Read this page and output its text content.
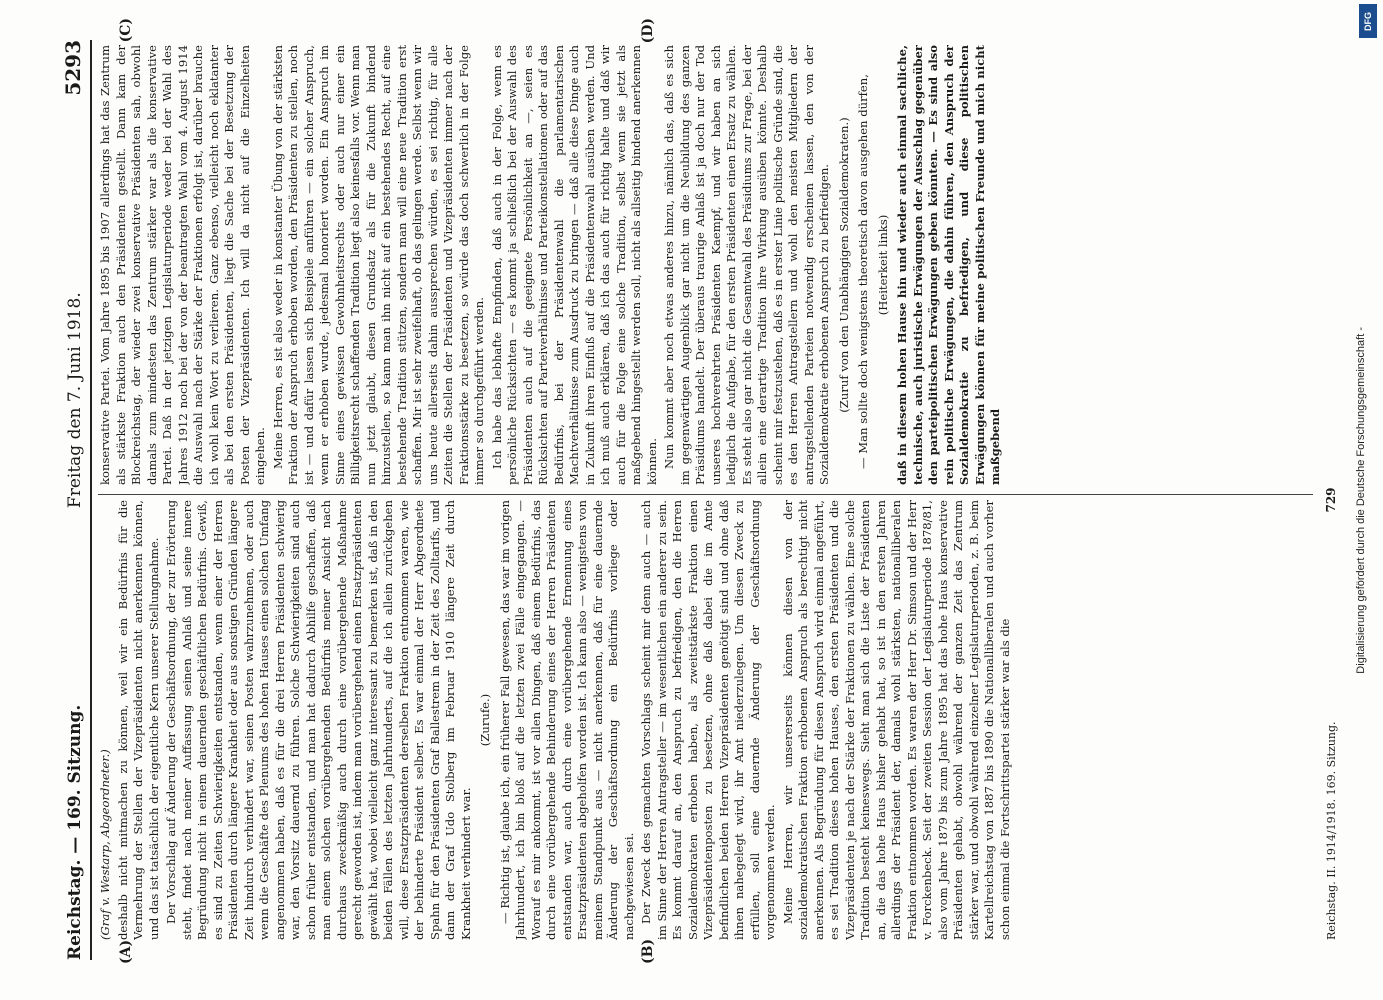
Reichstag. — 169. Sitzung.
Freitag den 7. Juni 1918.
5293
(A)	(B)
(C)	(D)

(Graf v. Westarp, Abgeordneter.) deshalb nicht mitmachen zu können, weil wir ein Bedürfnis für die Vermehrung der Stellen der Vizepräsidenten nicht anerkennen können, und das ist tatsächlich der eigentliche Kern unserer Stellungnahme. Der Vorschlag auf Änderung der Geschäftsordnung, der zur Erörterung steht, findet nach meiner Auffassung seinen Anlaß und seine innere Begründung nicht in einem dauernden geschäftlichen Bedürfnis. Gewiß, es sind zu Zeiten Schwierigkeiten entstanden, wenn einer der Herren Präsidenten durch längere Krankheit oder aus sonstigen Gründen längere Zeit hindurch verhindert war, seinen Posten wahrzunehmen, oder auch wenn die Geschäfte des Plenums des hohen Hauses einen solchen Umfang angenommen haben, daß es für die drei Herren Präsidenten schwierig war, den Vorsitz dauernd zu führen. Solche Schwierigkeiten sind auch schon früher entstanden, und man hat dadurch Abhilfe geschaffen, daß man einem solchen vorübergehenden Bedürfnis meiner Ansicht nach durchaus zweckmäßig auch durch eine vorübergehende Maßnahme gerecht geworden ist, indem man vorübergehend einen Ersatzpräsidenten gewählt hat, wobei vielleicht ganz interessant zu bemerken ist, daß in den beiden Fällen des letzten Jahrhunderts, auf die ich allein zurückgehen will, diese Ersatzpräsidenten derselben Fraktion entnommen waren, wie der behinderte Präsident selber. Es war einmal der Herr Abgeordnete Spahn für den Präsidenten Graf Ballestrem in der Zeit des Zolltarifs, und dann der Graf Udo Stolberg im Februar 1910 längere Zeit durch Krankheit verhindert war.

(Zurufe.) — Richtig ist, glaube ich, ein früherer Fall gewesen, das war im vorigen Jahrhundert, ich bin bloß auf die letzten zwei Fälle eingegangen. — Worauf es mir ankommt, ist vor allen Dingen, daß einem Bedürfnis, das durch eine vorübergehende Behinderung eines der Herren Präsidenten entstanden war, auch durch eine vorübergehende Ernennung eines Ersatzpräsidenten abgeholfen worden ist. Ich kann also — wenigstens von meinem Standpunkt aus — nicht anerkennen, daß für eine dauernde Änderung der Geschäftsordnung ein Bedürfnis vorliege oder nachgewiesen sei. Der Zweck des gemachten Vorschlags scheint mir denn auch — auch im Sinne der Herren Antragsteller — im wesentlichen ein anderer zu sein. Es kommt darauf an, den Anspruch zu befriedigen, den die Herren Sozialdemokraten erhoben haben, als zweitstärkste Fraktion einen Vizepräsidentenposten zu besetzen, ohne daß dabei die im Amte befindlichen beiden Herren Vizepräsidenten genötigt sind und ohne daß ihnen nahegelegt wird, ihr Amt niederzulegen. Um diesen Zweck zu erfüllen, soll eine dauernde Änderung der Geschäftsordnung vorgenommen werden. Meine Herren, wir unsererseits können diesen von der sozialdemokratischen Fraktion erhobenen Anspruch als berechtigt nicht anerkennen. Als Begründung für diesen Anspruch wird einmal angeführt, es sei Tradition dieses hohen Hauses, den ersten Präsidenten und die Vizepräsidenten je nach der Stärke der Fraktionen zu wählen. Eine solche Tradition besteht keineswegs. Sieht man sich die Liste der Präsidenten an, die das hohe Haus bisher gehabt hat, so ist in den ersten Jahren allerdings der Präsident der, damals wohl stärksten, nationalliberalen Fraktion entnommen worden. Es waren der Herr Dr. Simson und der Herr v. Forckenbeck. Seit der zweiten Session der Legislaturperiode 1878/81, also vom Jahre 1879 bis zum Jahre 1895 hat das hohe Haus konservative Präsidenten gehabt, obwohl während der ganzen Zeit das Zentrum stärker war, und obwohl während einzelner Legislaturperioden, z. B. beim Kartellreichstag von 1887 bis 1890 die Nationalliberalen und auch vorher schon einmal die Fortschrittspartei stärker war als die

konservative Partei. Vom Jahre 1895 bis 1907 allerdings hat das Zentrum als stärkste Fraktion auch den Präsidenten gestellt. Dann kam der Blockreichstag, der wieder zwei konservative Präsidenten sah, obwohl damals zum mindesten das Zentrum stärker war als die konservative Partei. Daß in der jetzigen Legislaturperiode weder bei der Wahl des Jahres 1912 noch bei der von der beantragten Wahl vom 4. August 1914 die Auswahl nach der Stärke der Fraktionen erfolgt ist, darüber brauche ich wohl kein Wort zu verlieren. Ganz ebenso, vielleicht noch eklatanter als bei den ersten Präsidenten, liegt die Sache bei der Besetzung der Posten der Vizepräsidenten. Ich will da nicht auf die Einzelheiten eingehen. Meine Herren, es ist also weder in konstanter Übung von der stärksten Fraktion der Anspruch erhoben worden, den Präsidenten zu stellen, noch ist — und dafür lassen sich Beispiele anführen — ein solcher Anspruch, wenn er erhoben wurde, jedesmal honoriert worden. Ein Anspruch im Sinne eines gewissen Gewohnheitsrechts oder auch nur einer ein Billigkeitsrecht schaffenden Tradition liegt also keinesfalls vor. Wenn man nun jetzt glaubt, diesen Grundsatz als für die Zukunft bindend hinzustellen, so kann man ihn nicht auf ein bestehendes Recht, auf eine bestehende Tradition stützen, sondern man will eine neue Tradition erst schaffen. Mir ist sehr zweifelhaft, ob das gelingen werde. Selbst wenn wir uns heute allerseits dahin aussprechen würden, es sei richtig, für alle Zeiten die Stellen der Präsidenten und Vizepräsidenten immer nach der Fraktionsstärke zu besetzen, so würde das doch schwerlich in der Folge immer so durchgeführt werden. Ich habe das lebhafte Empfinden, daß auch in der Folge, wenn es persönliche Rücksichten — es kommt ja schließlich bei der Auswahl des Präsidenten auch auf die geeignete Persönlichkeit an —, seien es Rücksichten auf Parteiverhältnisse und Parteikonstellationen oder auf das Bedürfnis, bei der Präsidentenwahl die parlamentarischen Machtverhältnisse zum Ausdruck zu bringen — daß alle diese Dinge auch in Zukunft ihren Einfluß auf die Präsidentenwahl ausüben werden. Und ich muß auch erklären, daß ich das auch für richtig halte und daß wir auch für die Folge eine solche Tradition, selbst wenn sie jetzt als maßgebend hingestellt werden soll, nicht als allseitig bindend anerkennen können. Nun kommt aber noch etwas anderes hinzu, nämlich das, daß es sich im gegenwärtigen Augenblick gar nicht um die Neubildung des ganzen Präsidiums handelt. Der überaus traurige Anlaß ist ja doch nur der Tod unseres hochverehrten Präsidenten Kaempf, und wir haben an sich lediglich die Aufgabe, für den ersten Präsidenten einen Ersatz zu wählen. Es steht also gar nicht die Gesamtwahl des Präsidiums zur Frage, bei der allein eine derartige Tradition ihre Wirkung ausüben könnte. Deshalb scheint mir festzustehen, daß es in erster Linie politische Gründe sind, die es den Herren Antragstellern und wohl den meisten Mitgliedern der antragstellenden Parteien notwendig erscheinen lassen, den von der Sozialdemokratie erhobenen Anspruch zu befriedigen. (Zuruf von den Unabhängigen Sozialdemokraten.) — Man sollte doch wenigstens theoretisch davon ausgehen dürfen, (Heiterkeit links) daß in diesem hohen Hause hin und wieder auch einmal sachliche, technische, auch juristische Erwägungen der Ausschlag gegenüber den parteipolitischen Erwägungen geben könnten. — Es sind also rein politische Erwägungen, die dahin führen, den Anspruch der Sozialdemokratie zu befriedigen, und diese politischen Erwägungen können für meine politischen Freunde und mich nicht maßgebend

Reichstag. II. 1914/1918. 169. Sitzung.
729 Digitalisierung gefördert durch die Deutsche Forschungsgemeinschaft -
DFG
